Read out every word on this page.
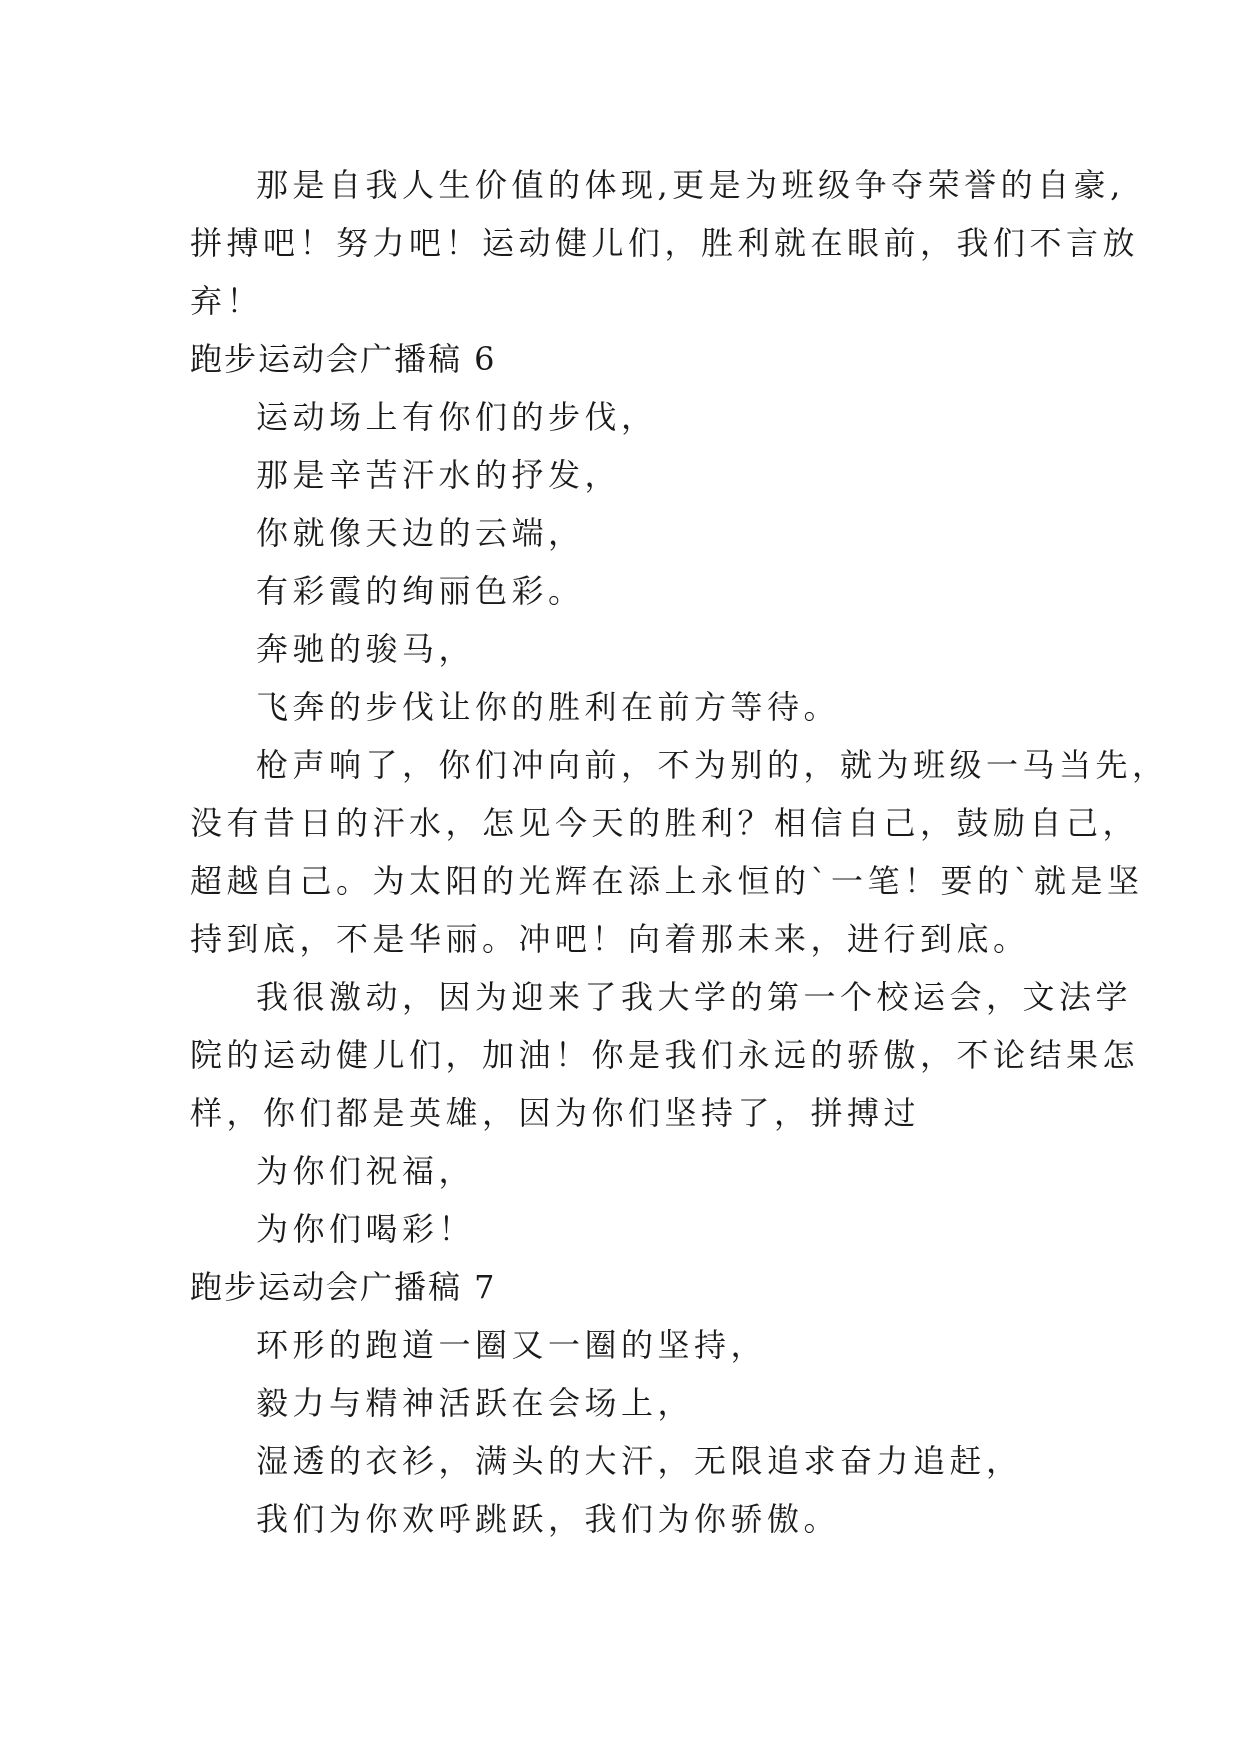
那是自我人生价值的体现,更是为班级争夺荣誉的自豪,
拼搏吧！努力吧！运动健儿们，胜利就在眼前，我们不言放
弃！
跑步运动会广播稿 6
运动场上有你们的步伐，
那是辛苦汗水的抒发，
你就像天边的云端，
有彩霞的绚丽色彩。
奔驰的骏马，
飞奔的步伐让你的胜利在前方等待。
枪声响了，你们冲向前，不为别的，就为班级一马当先，
没有昔日的汗水，怎见今天的胜利？相信自己，鼓励自己，
超越自己。为太阳的光辉在添上永恒的`一笔！要的`就是坚
持到底，不是华丽。冲吧！向着那未来，进行到底。
我很激动，因为迎来了我大学的第一个校运会，文法学
院的运动健儿们，加油！你是我们永远的骄傲，不论结果怎
样，你们都是英雄，因为你们坚持了，拼搏过
为你们祝福，
为你们喝彩！
跑步运动会广播稿 7
环形的跑道一圈又一圈的坚持，
毅力与精神活跃在会场上，
湿透的衣衫，满头的大汗，无限追求奋力追赶，
我们为你欢呼跳跃，我们为你骄傲。
